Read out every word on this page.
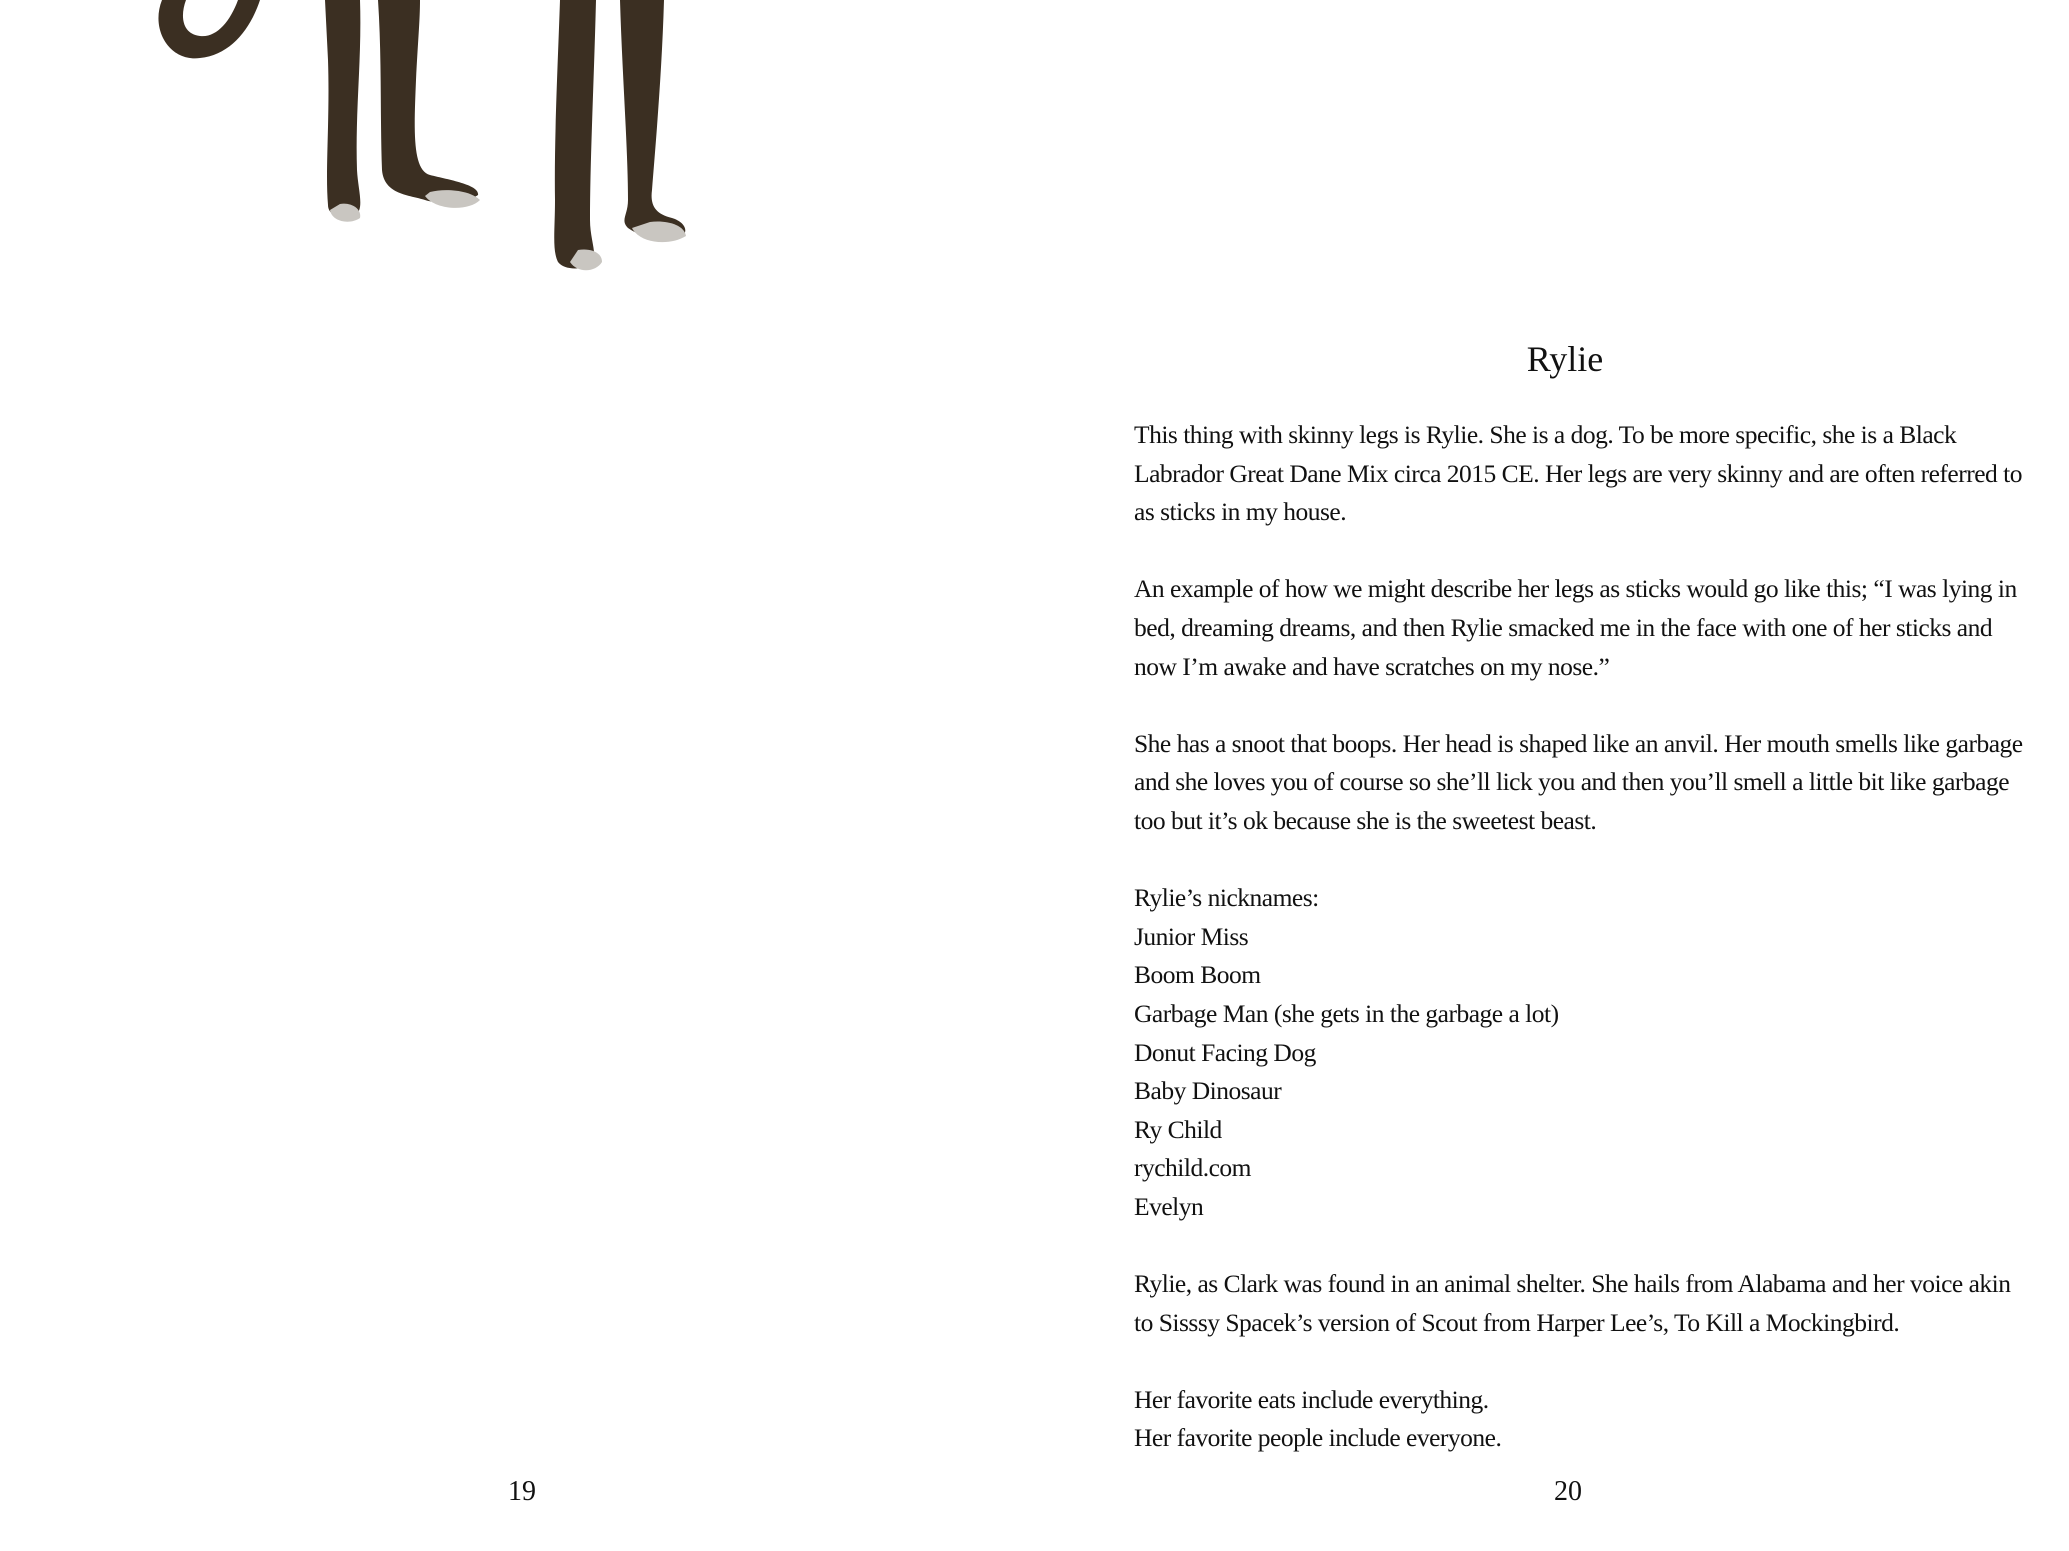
19
Rylie

This thing with skinny legs is Rylie. She is a dog. To be more specific, she is a Black Labrador Great Dane Mix circa 2015 CE. Her legs are very skinny and are often referred to as sticks in my house.

An example of how we might describe her legs as sticks would go like this; “I was lying in bed, dreaming dreams, and then Rylie smacked me in the face with one of her sticks and now I’m awake and have scratches on my nose.”

She has a snoot that boops. Her head is shaped like an anvil. Her mouth smells like garbage and she loves you of course so she’ll lick you and then you’ll smell a little bit like garbage too but it’s ok because she is the sweetest beast.

Rylie’s nicknames:
Junior Miss
Boom Boom
Garbage Man (she gets in the garbage a lot)
Donut Facing Dog
Baby Dinosaur
Ry Child
rychild.com
Evelyn

Rylie, as Clark was found in an animal shelter. She hails from Alabama and her voice akin to Sisssy Spacek’s version of Scout from Harper Lee’s, To Kill a Mockingbird.

Her favorite eats include everything.
Her favorite people include everyone.
20
